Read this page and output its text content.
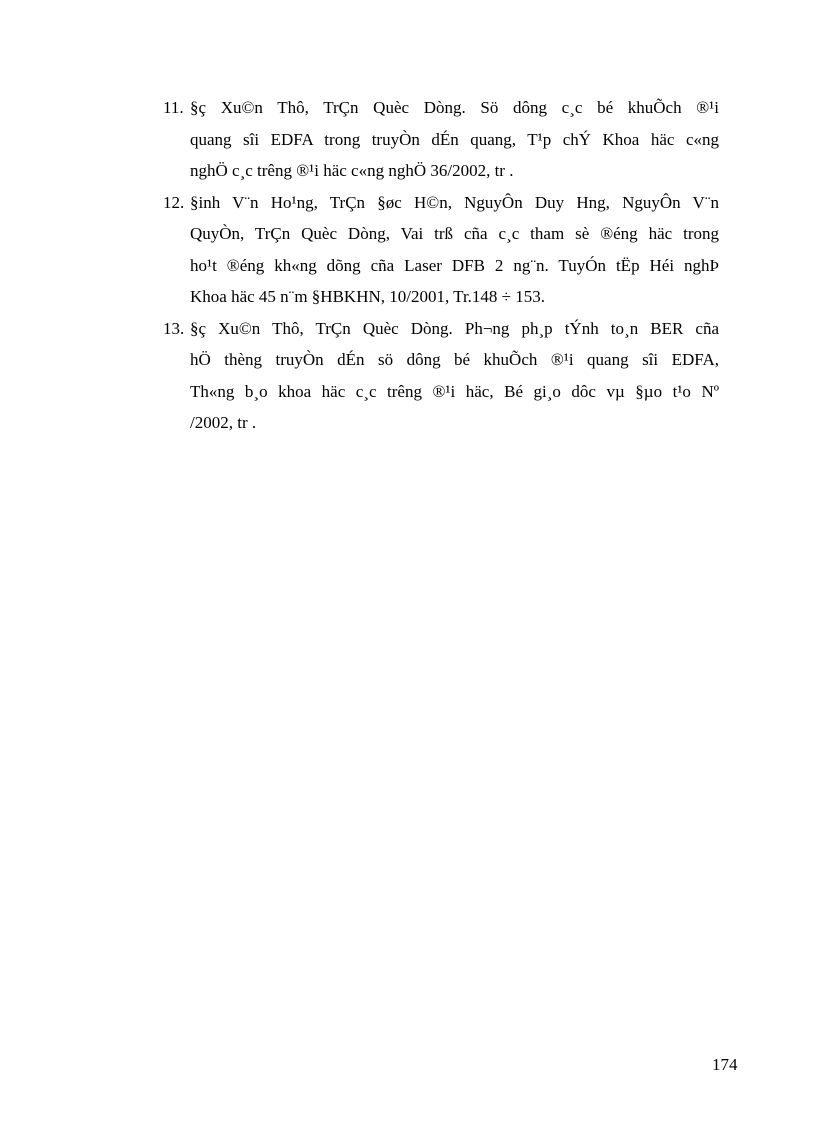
11. §ç Xu©n Thô, TrÇn Quèc Dòng. Sö dông c¸c bé khuÕch ®¹i
quang sîi EDFA trong truyÒn dÉn quang, T¹p chÝ Khoa häc c«ng
nghÖ c¸c trêng ®¹i häc c«ng nghÖ 36/2002, tr .
12. §inh V¨n Ho¹ng, TrÇn §øc H©n, NguyÔn Duy Hng, NguyÔn V¨n
QuyÒn, TrÇn Quèc Dòng, Vai trß cña c¸c tham sè ®éng häc trong
ho¹t ®éng kh«ng dõng cña Laser DFB 2 ng¨n. TuyÓn tËp Héi nghÞ
Khoa häc 45 n¨m §HBKHN, 10/2001, Tr.148 ÷ 153.
13. §ç Xu©n Thô, TrÇn Quèc Dòng. Ph¬ng ph¸p tÝnh to¸n BER cña
hÖ thèng truyÒn dÉn sö dông bé khuÕch ®¹i quang sîi EDFA,
Th«ng b¸o khoa häc c¸c trêng ®¹i häc, Bé gi¸o dôc vµ §µo t¹o Nº
/2002, tr .
174
